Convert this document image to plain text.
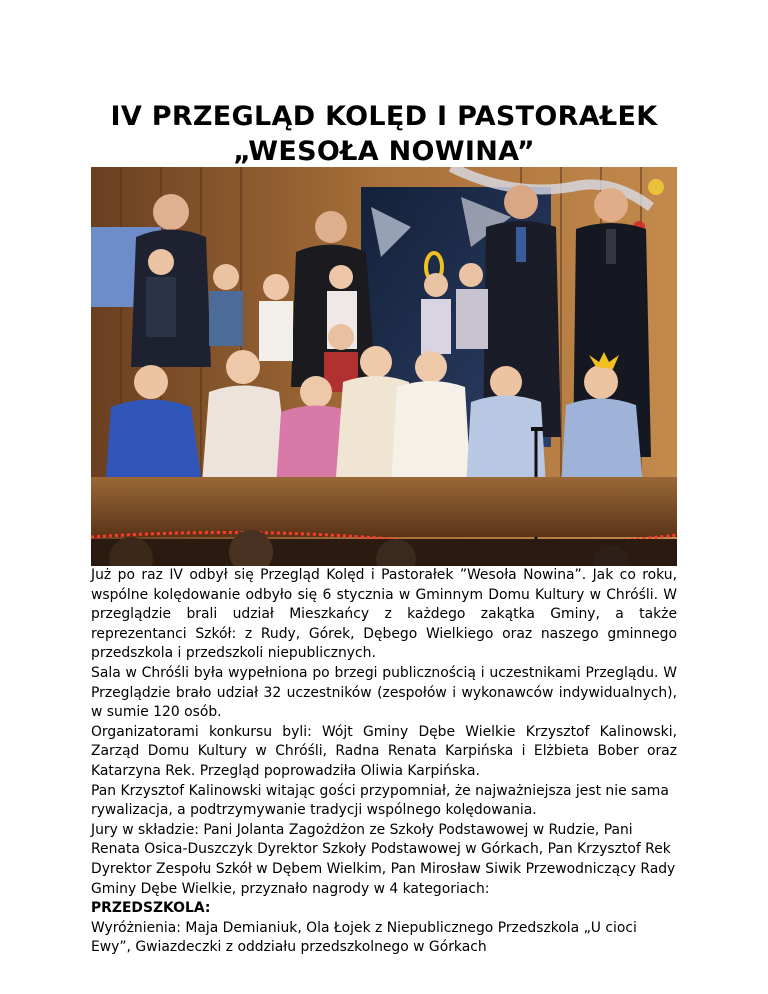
IV PRZEGLĄD KOLĘD I PASTORAŁEK
„WESOŁA NOWINA”

Już po raz IV odbył się Przegląd Kolęd i Pastorałek ”Wesoła Nowina”. Jak co roku, wspólne kolędowanie odbyło się 6 stycznia w Gminnym Domu Kultury w Chróśli. W przeglądzie brali udział Mieszkańcy z każdego zakątka Gminy, a także reprezentanci Szkół: z Rudy, Górek, Dębego Wielkiego oraz naszego gminnego przedszkola i przedszkoli niepublicznych.

Sala w Chróśli była wypełniona po brzegi publicznością i uczestnikami Przeglądu. W Przeglądzie brało udział 32 uczestników (zespołów i wykonawców indywidualnych), w sumie 120 osób.

Organizatorami konkursu byli: Wójt Gminy Dębe Wielkie Krzysztof Kalinowski, Zarząd Domu Kultury w Chróśli, Radna Renata Karpińska i Elżbieta Bober oraz Katarzyna Rek. Przegląd poprowadziła Oliwia Karpińska.

Pan Krzysztof Kalinowski witając gości przypomniał, że najważniejsza jest nie sama rywalizacja, a podtrzymywanie tradycji wspólnego kolędowania.

Jury w składzie: Pani Jolanta Zagożdżon ze Szkoły Podstawowej w Rudzie, Pani Renata Osica-Duszczyk Dyrektor Szkoły Podstawowej w Górkach, Pan Krzysztof Rek Dyrektor Zespołu Szkół w Dębem Wielkim, Pan Mirosław Siwik Przewodniczący Rady Gminy Dębe Wielkie, przyznało nagrody w 4 kategoriach:

PRZEDSZKOLA:

Wyróżnienia: Maja Demianiuk, Ola Łojek z Niepublicznego Przedszkola „U cioci Ewy”, Gwiazdeczki z oddziału przedszkolnego w Górkach
